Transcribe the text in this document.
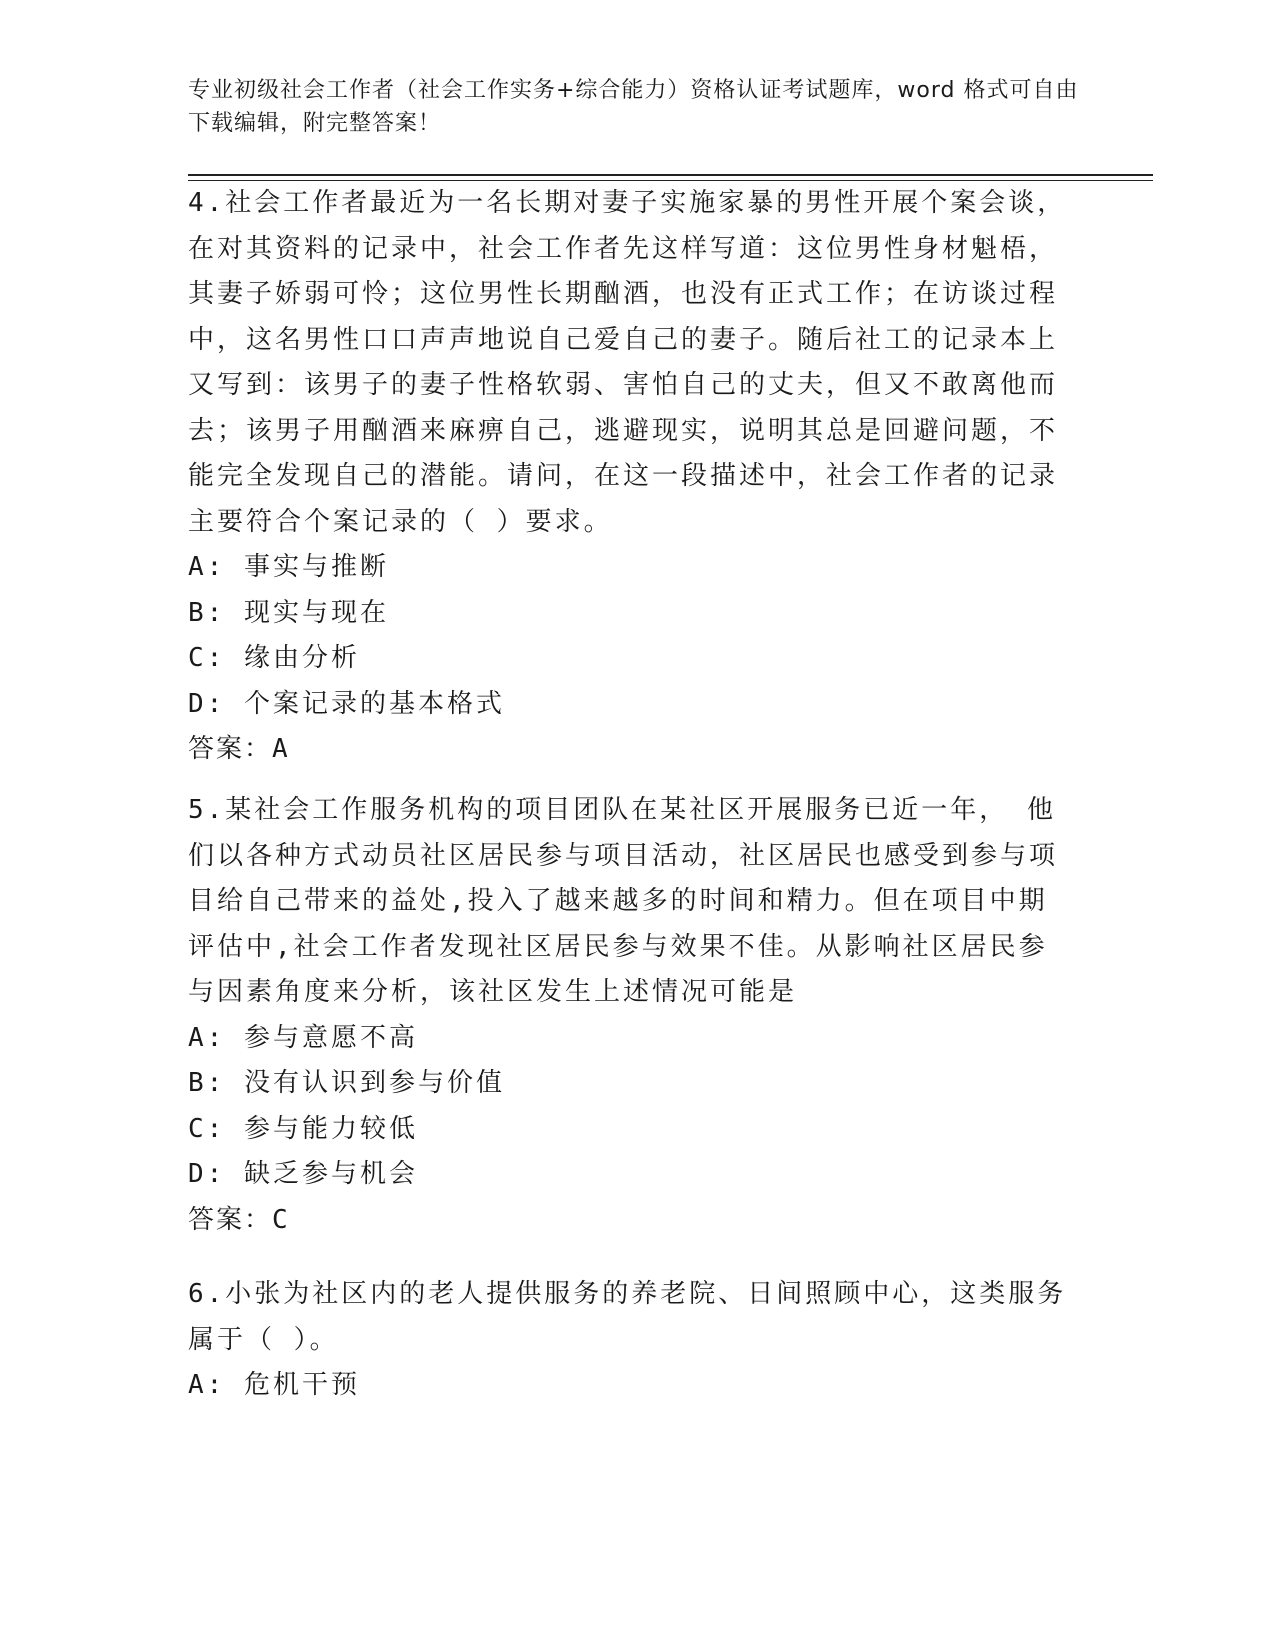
专业初级社会工作者（社会工作实务+综合能力）资格认证考试题库，word 格式可自由下载编辑，附完整答案！

4.社会工作者最近为一名长期对妻子实施家暴的男性开展个案会谈，在对其资料的记录中，社会工作者先这样写道：这位男性身材魁梧，其妻子娇弱可怜；这位男性长期酗酒，也没有正式工作；在访谈过程中，这名男性口口声声地说自己爱自己的妻子。随后社工的记录本上又写到：该男子的妻子性格软弱、害怕自己的丈夫，但又不敢离他而去；该男子用酗酒来麻痹自己，逃避现实，说明其总是回避问题，不能完全发现自己的潜能。请问，在这一段描述中，社会工作者的记录主要符合个案记录的（ ）要求。

A: 事实与推断

B: 现实与现在

C: 缘由分析

D: 个案记录的基本格式

答案：A

5.某社会工作服务机构的项目团队在某社区开展服务已近一年， 他们以各种方式动员社区居民参与项目活动，社区居民也感受到参与项目给自己带来的益处,投入了越来越多的时间和精力。但在项目中期评估中,社会工作者发现社区居民参与效果不佳。从影响社区居民参与因素角度来分析，该社区发生上述情况可能是

A: 参与意愿不高

B: 没有认识到参与价值

C: 参与能力较低

D: 缺乏参与机会

答案：C

6.小张为社区内的老人提供服务的养老院、日间照顾中心，这类服务属于（ ）。

A: 危机干预
